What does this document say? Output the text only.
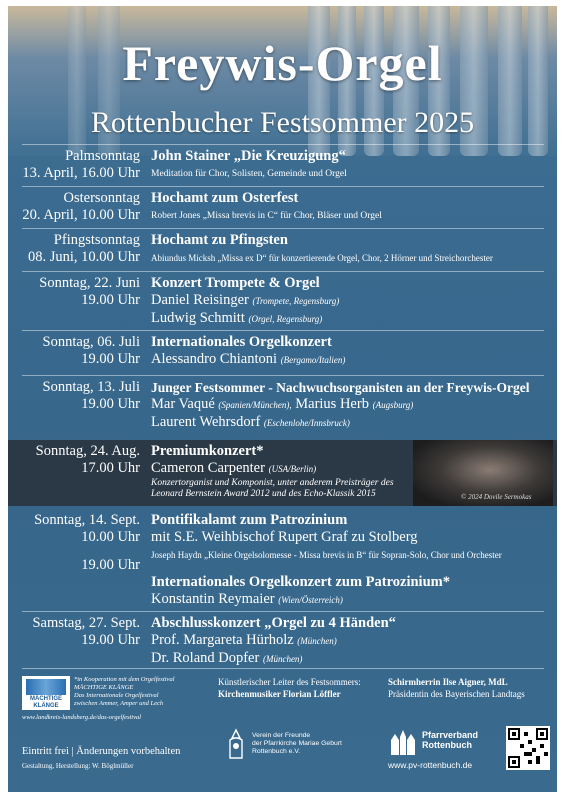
Freywis-Orgel
Rottenbucher Festsommer 2025
Palmsonntag
13. April, 16.00 Uhr
John Stainer „Die Kreuzigung“
Meditation für Chor, Solisten, Gemeinde und Orgel
Ostersonntag
20. April, 10.00 Uhr
Hochamt zum Osterfest
Robert Jones „Missa brevis in C“ für Chor, Bläser und Orgel
Pfingstsonntag
08. Juni, 10.00 Uhr
Hochamt zu Pfingsten
Abiundus Micksh „Missa ex D“ für konzertierende Orgel, Chor, 2 Hörner und Streichorchester
Sonntag, 22. Juni
19.00 Uhr
Konzert Trompete & Orgel
Daniel Reisinger (Trompete, Regensburg)
Ludwig Schmitt (Orgel, Regensburg)
Sonntag, 06. Juli
19.00 Uhr
Internationales Orgelkonzert
Alessandro Chiantoni (Bergamo/Italien)
Sonntag, 13. Juli
19.00 Uhr
Junger Festsommer - Nachwuchsorganisten an der Freywis-Orgel
Mar Vaqué (Spanien/München), Marius Herb (Augsburg)
Laurent Wehrsdorf (Eschenlohe/Innsbruck)
Sonntag, 24. Aug.
17.00 Uhr
Premiumkonzert*
Cameron Carpenter (USA/Berlin)
Konzertorganist und Komponist, unter anderem Preisträger des
Leonard Bernstein Award 2012 und des Echo-Klassik 2015	© 2024 Dovile Sermokas
Sonntag, 14. Sept.
10.00 Uhr
Pontifikalamt zum Patrozinium
mit S.E. Weihbischof Rupert Graf zu Stolberg
Joseph Haydn „Kleine Orgelsolomesse - Missa brevis in B“ für Sopran-Solo, Chor und Orchester
19.00 Uhr
Internationales Orgelkonzert zum Patrozinium*
Konstantin Reymaier (Wien/Österreich)
Samstag, 27. Sept.
19.00 Uhr
Abschlusskonzert „Orgel zu 4 Händen“
Prof. Margareta Hürholz (München)
Dr. Roland Dopfer (München)
MÄCHTIGE
KLÄNGE
*in Kooperation mit dem Orgelfestival
MÄCHTIGE KLÄNGE
Das Internationale Orgelfestival
zwischen Ammer, Amper und Lech
www.landkreis-landsberg.de/das-orgelfestival
Künstlerischer Leiter des Festsommers:
Kirchenmusiker Florian Löffler
Schirmherrin Ilse Aigner, MdL
Präsidentin des Bayerischen Landtags
Eintritt frei | Änderungen vorbehalten
Gestaltung, Herstellung: W. Böglmüller
Verein der Freunde
der Pfarrkirche Mariae Geburt
Rottenbuch e.V.
Pfarrverband
Rottenbuch
www.pv-rottenbuch.de
